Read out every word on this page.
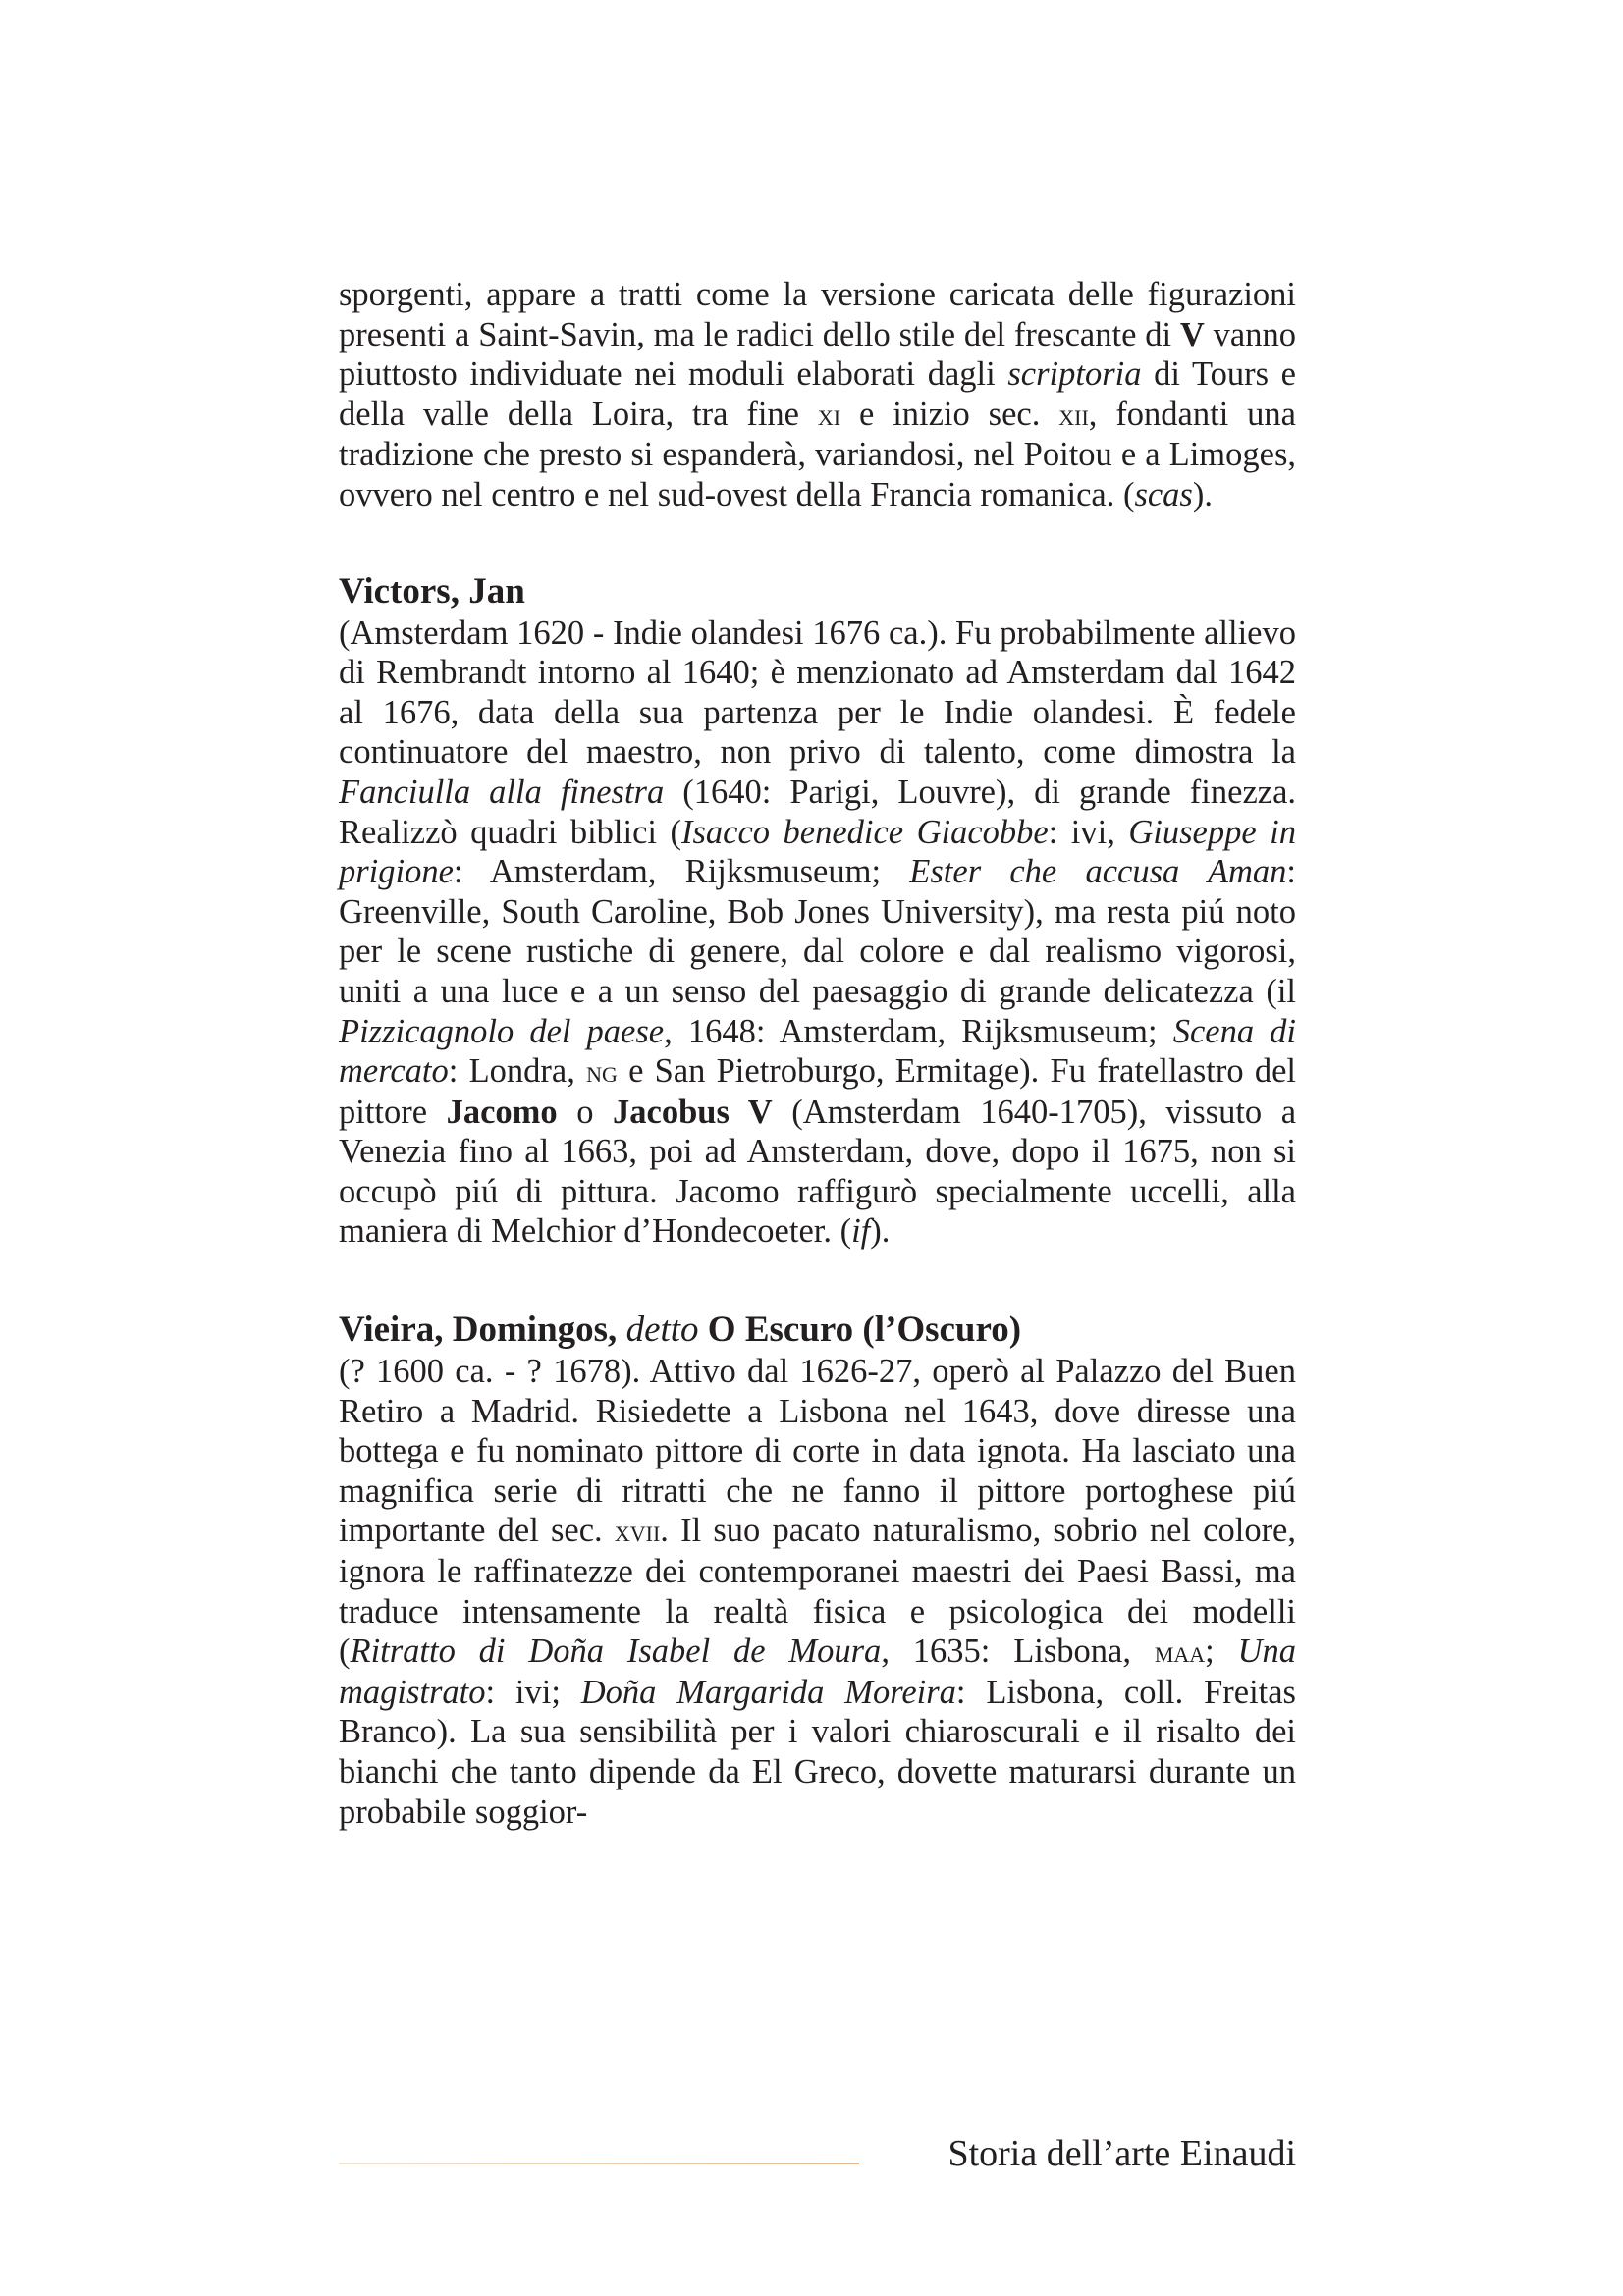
sporgenti, appare a tratti come la versione caricata delle figurazioni presenti a Saint-Savin, ma le radici dello stile del frescante di V vanno piuttosto individuate nei moduli elaborati dagli scriptoria di Tours e della valle della Loira, tra fine xi e inizio sec. xii, fondanti una tradizione che presto si espanderà, variandosi, nel Poitou e a Limoges, ovvero nel centro e nel sud-ovest della Francia romanica. (scas).

Victors, Jan

(Amsterdam 1620 - Indie olandesi 1676 ca.). Fu probabilmente allievo di Rembrandt intorno al 1640; è menzionato ad Amsterdam dal 1642 al 1676, data della sua partenza per le Indie olandesi. È fedele continuatore del maestro, non privo di talento, come dimostra la Fanciulla alla finestra (1640: Parigi, Louvre), di grande finezza. Realizzò quadri biblici (Isacco benedice Giacobbe: ivi, Giuseppe in prigione: Amsterdam, Rijksmuseum; Ester che accusa Aman: Greenville, South Caroline, Bob Jones University), ma resta piú noto per le scene rustiche di genere, dal colore e dal realismo vigorosi, uniti a una luce e a un senso del paesaggio di grande delicatezza (il Pizzicagnolo del paese, 1648: Amsterdam, Rijksmuseum; Scena di mercato: Londra, ng e San Pietroburgo, Ermitage). Fu fratellastro del pittore Jacomo o Jacobus V (Amsterdam 1640-1705), vissuto a Venezia fino al 1663, poi ad Amsterdam, dove, dopo il 1675, non si occupò piú di pittura. Jacomo raffigurò specialmente uccelli, alla maniera di Melchior d’Hondecoeter. (if).

Vieira, Domingos, detto O Escuro (l’Oscuro)

(? 1600 ca. - ? 1678). Attivo dal 1626-27, operò al Palazzo del Buen Retiro a Madrid. Risiedette a Lisbona nel 1643, dove diresse una bottega e fu nominato pittore di corte in data ignota. Ha lasciato una magnifica serie di ritratti che ne fanno il pittore portoghese piú importante del sec. xvii. Il suo pacato naturalismo, sobrio nel colore, ignora le raffinatezze dei contemporanei maestri dei Paesi Bassi, ma traduce intensamente la realtà fisica e psicologica dei modelli (Ritratto di Doña Isabel de Moura, 1635: Lisbona, maa; Una magistrato: ivi; Doña Margarida Moreira: Lisbona, coll. Freitas Branco). La sua sensibilità per i valori chiaroscurali e il risalto dei bianchi che tanto dipende da El Greco, dovette maturarsi durante un probabile soggior-

Storia dell’arte Einaudi
